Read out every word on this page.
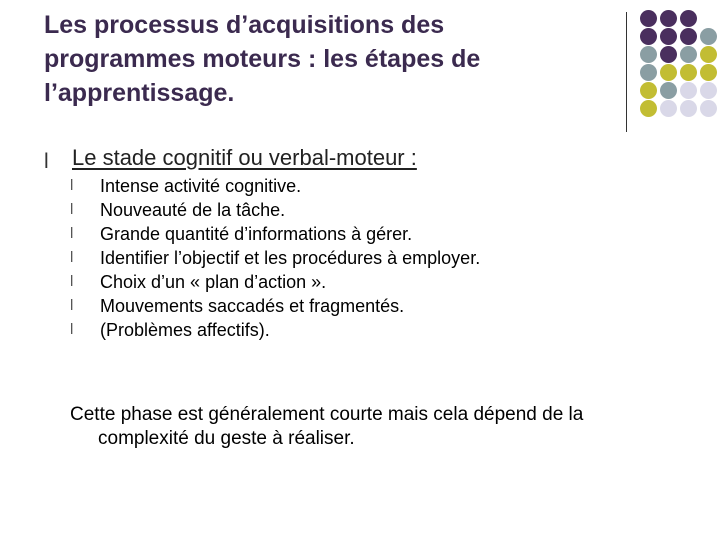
Les processus d’acquisitions des
programmes moteurs : les étapes de
l’apprentissage.
l Le stade cognitif ou verbal-moteur :
l Intense activité cognitive.
l Nouveauté de la tâche.
l Grande quantité d’informations à gérer.
l Identifier l’objectif et les procédures à employer.
l Choix d’un « plan d’action ».
l Mouvements saccadés et fragmentés.
l (Problèmes affectifs).
Cette phase est généralement courte mais cela dépend de la
complexité du geste à réaliser.
